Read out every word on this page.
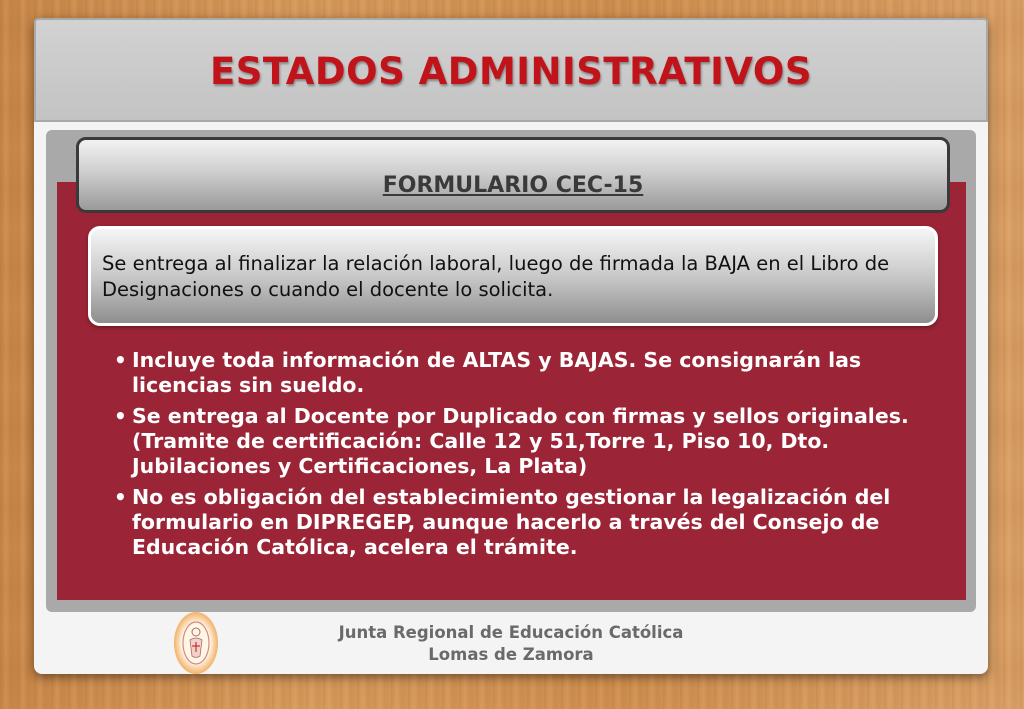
ESTADOS ADMINISTRATIVOS
FORMULARIO CEC-15
Se entrega al finalizar la relación laboral, luego de firmada la BAJA en el Libro de Designaciones o cuando el docente lo solicita.
• Incluye toda información de ALTAS y BAJAS. Se consignarán las licencias sin sueldo.
• Se entrega al Docente por Duplicado con firmas y sellos originales. (Tramite de certificación: Calle 12 y 51,Torre 1, Piso 10, Dto. Jubilaciones y Certificaciones, La Plata)
• No es obligación del establecimiento gestionar la legalización del formulario en DIPREGEP, aunque hacerlo a través del Consejo de Educación Católica, acelera el trámite.
Junta Regional de Educación Católica
Lomas de Zamora
